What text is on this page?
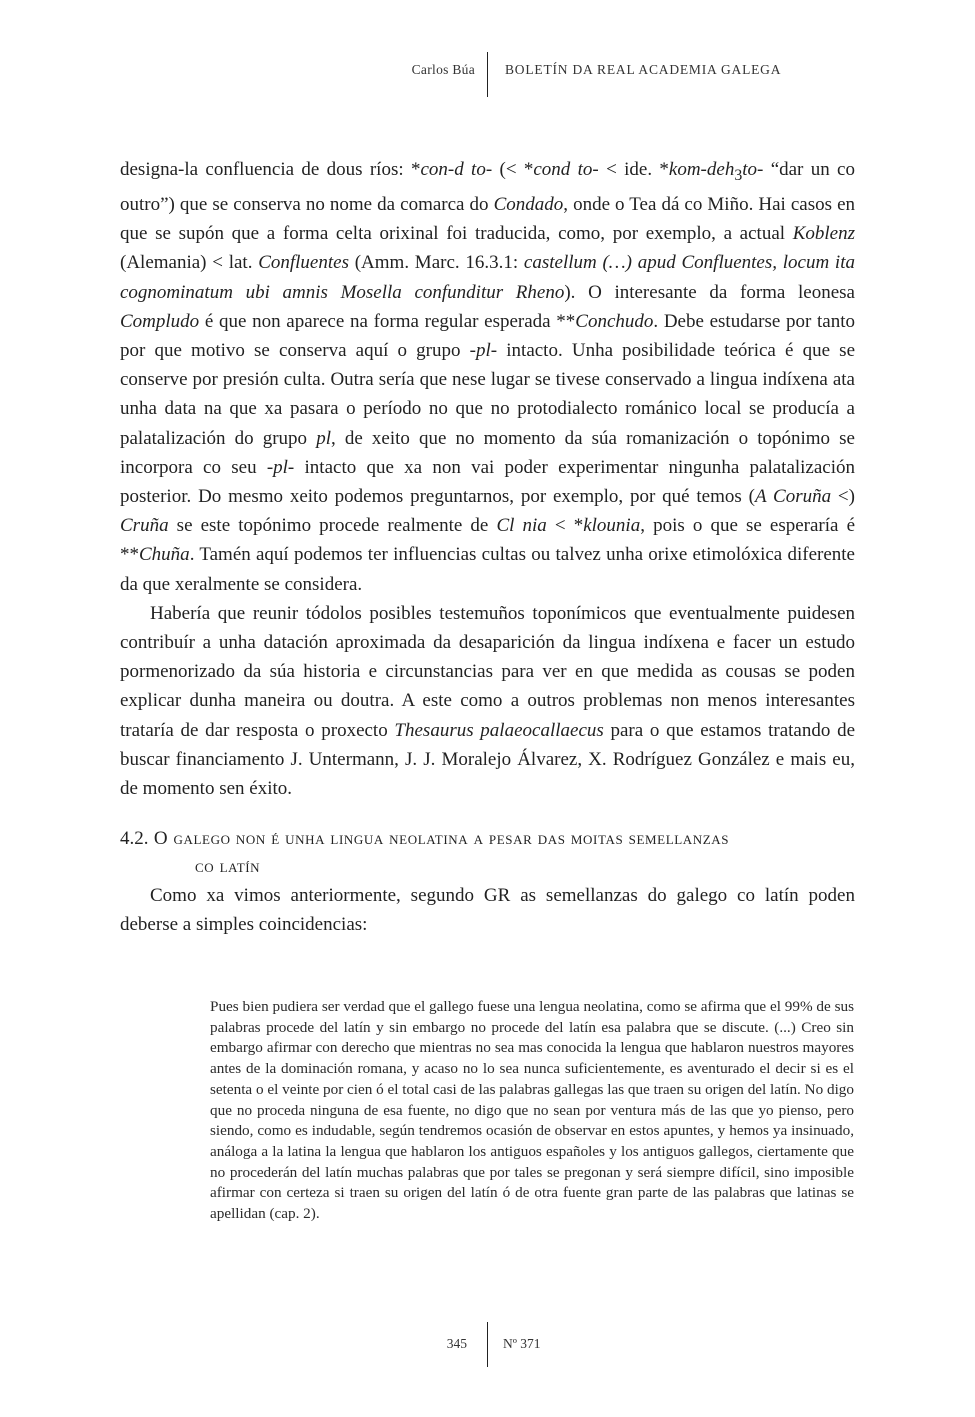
Carlos Búa BOLETÍN DA REAL ACADEMIA GALEGA

designa-la confluencia de dous ríos: *con-d to- (< *cond to- < ide. *kom-deh$_3$to- “dar un co outro”) que se conserva no nome da comarca do Condado, onde o Tea dá co Miño. Hai casos en que se supón que a forma celta orixinal foi traducida, como, por exemplo, a actual Koblenz (Alemania) < lat. Confluentes (Amm. Marc. 16.3.1: castellum (…) apud Confluentes, locum ita cognominatum ubi amnis Mosella confunditur Rheno). O interesante da forma leonesa Compludo é que non aparece na forma regular esperada **Conchudo. Debe estudarse por tanto por que motivo se conserva aquí o grupo -pl- intacto. Unha posibilidade teórica é que se conserve por presión culta. Outra sería que nese lugar se tivese conservado a lingua indíxena ata unha data na que xa pasara o período no que no protodialecto románico local se producía a palatalización do grupo pl, de xeito que no momento da súa romanización o topónimo se incorpora co seu -pl- intacto que xa non vai poder experimentar ningunha palatalización posterior. Do mesmo xeito podemos preguntarnos, por exemplo, por qué temos (A Coruña <) Cruña se este topónimo procede realmente de Cl nia < *klounia, pois o que se esperaría é **Chuña. Tamén aquí podemos ter influencias cultas ou talvez unha orixe etimolóxica diferente da que xeralmente se considera.

Habería que reunir tódolos posibles testemuños toponímicos que eventualmente puidesen contribuír a unha datación aproximada da desaparición da lingua indíxena e facer un estudo pormenorizado da súa historia e circunstancias para ver en que medida as cousas se poden explicar dunha maneira ou doutra. A este como a outros problemas non menos interesantes trataría de dar resposta o proxecto Thesaurus palaeocallaecus para o que estamos tratando de buscar financiamento J. Untermann, J. J. Moralejo Álvarez, X. Rodríguez González e mais eu, de momento sen éxito.

4.2. O galego non é unha lingua neolatina a pesar das moitas semellanzas
co latín

Como xa vimos anteriormente, segundo GR as semellanzas do galego co latín poden deberse a simples coincidencias:

Pues bien pudiera ser verdad que el gallego fuese una lengua neolatina, como se afirma que el 99% de sus palabras procede del latín y sin embargo no procede del latín esa palabra que se discute. (...) Creo sin embargo afirmar con derecho que mientras no sea mas conocida la lengua que hablaron nuestros mayores antes de la dominación romana, y acaso no lo sea nunca suficientemente, es aventurado el decir si es el setenta o el veinte por cien ó el total casi de las palabras gallegas las que traen su origen del latín. No digo que no proceda ninguna de esa fuente, no digo que no sean por ventura más de las que yo pienso, pero siendo, como es indudable, según tendremos ocasión de observar en estos apuntes, y hemos ya insinuado, análoga a la latina la lengua que hablaron los antiguos españoles y los antiguos gallegos, ciertamente que no procederán del latín muchas palabras que por tales se pregonan y será siempre difícil, sino imposible afirmar con certeza si traen su origen del latín ó de otra fuente gran parte de las palabras que latinas se apellidan (cap. 2).
345	Nº 371
